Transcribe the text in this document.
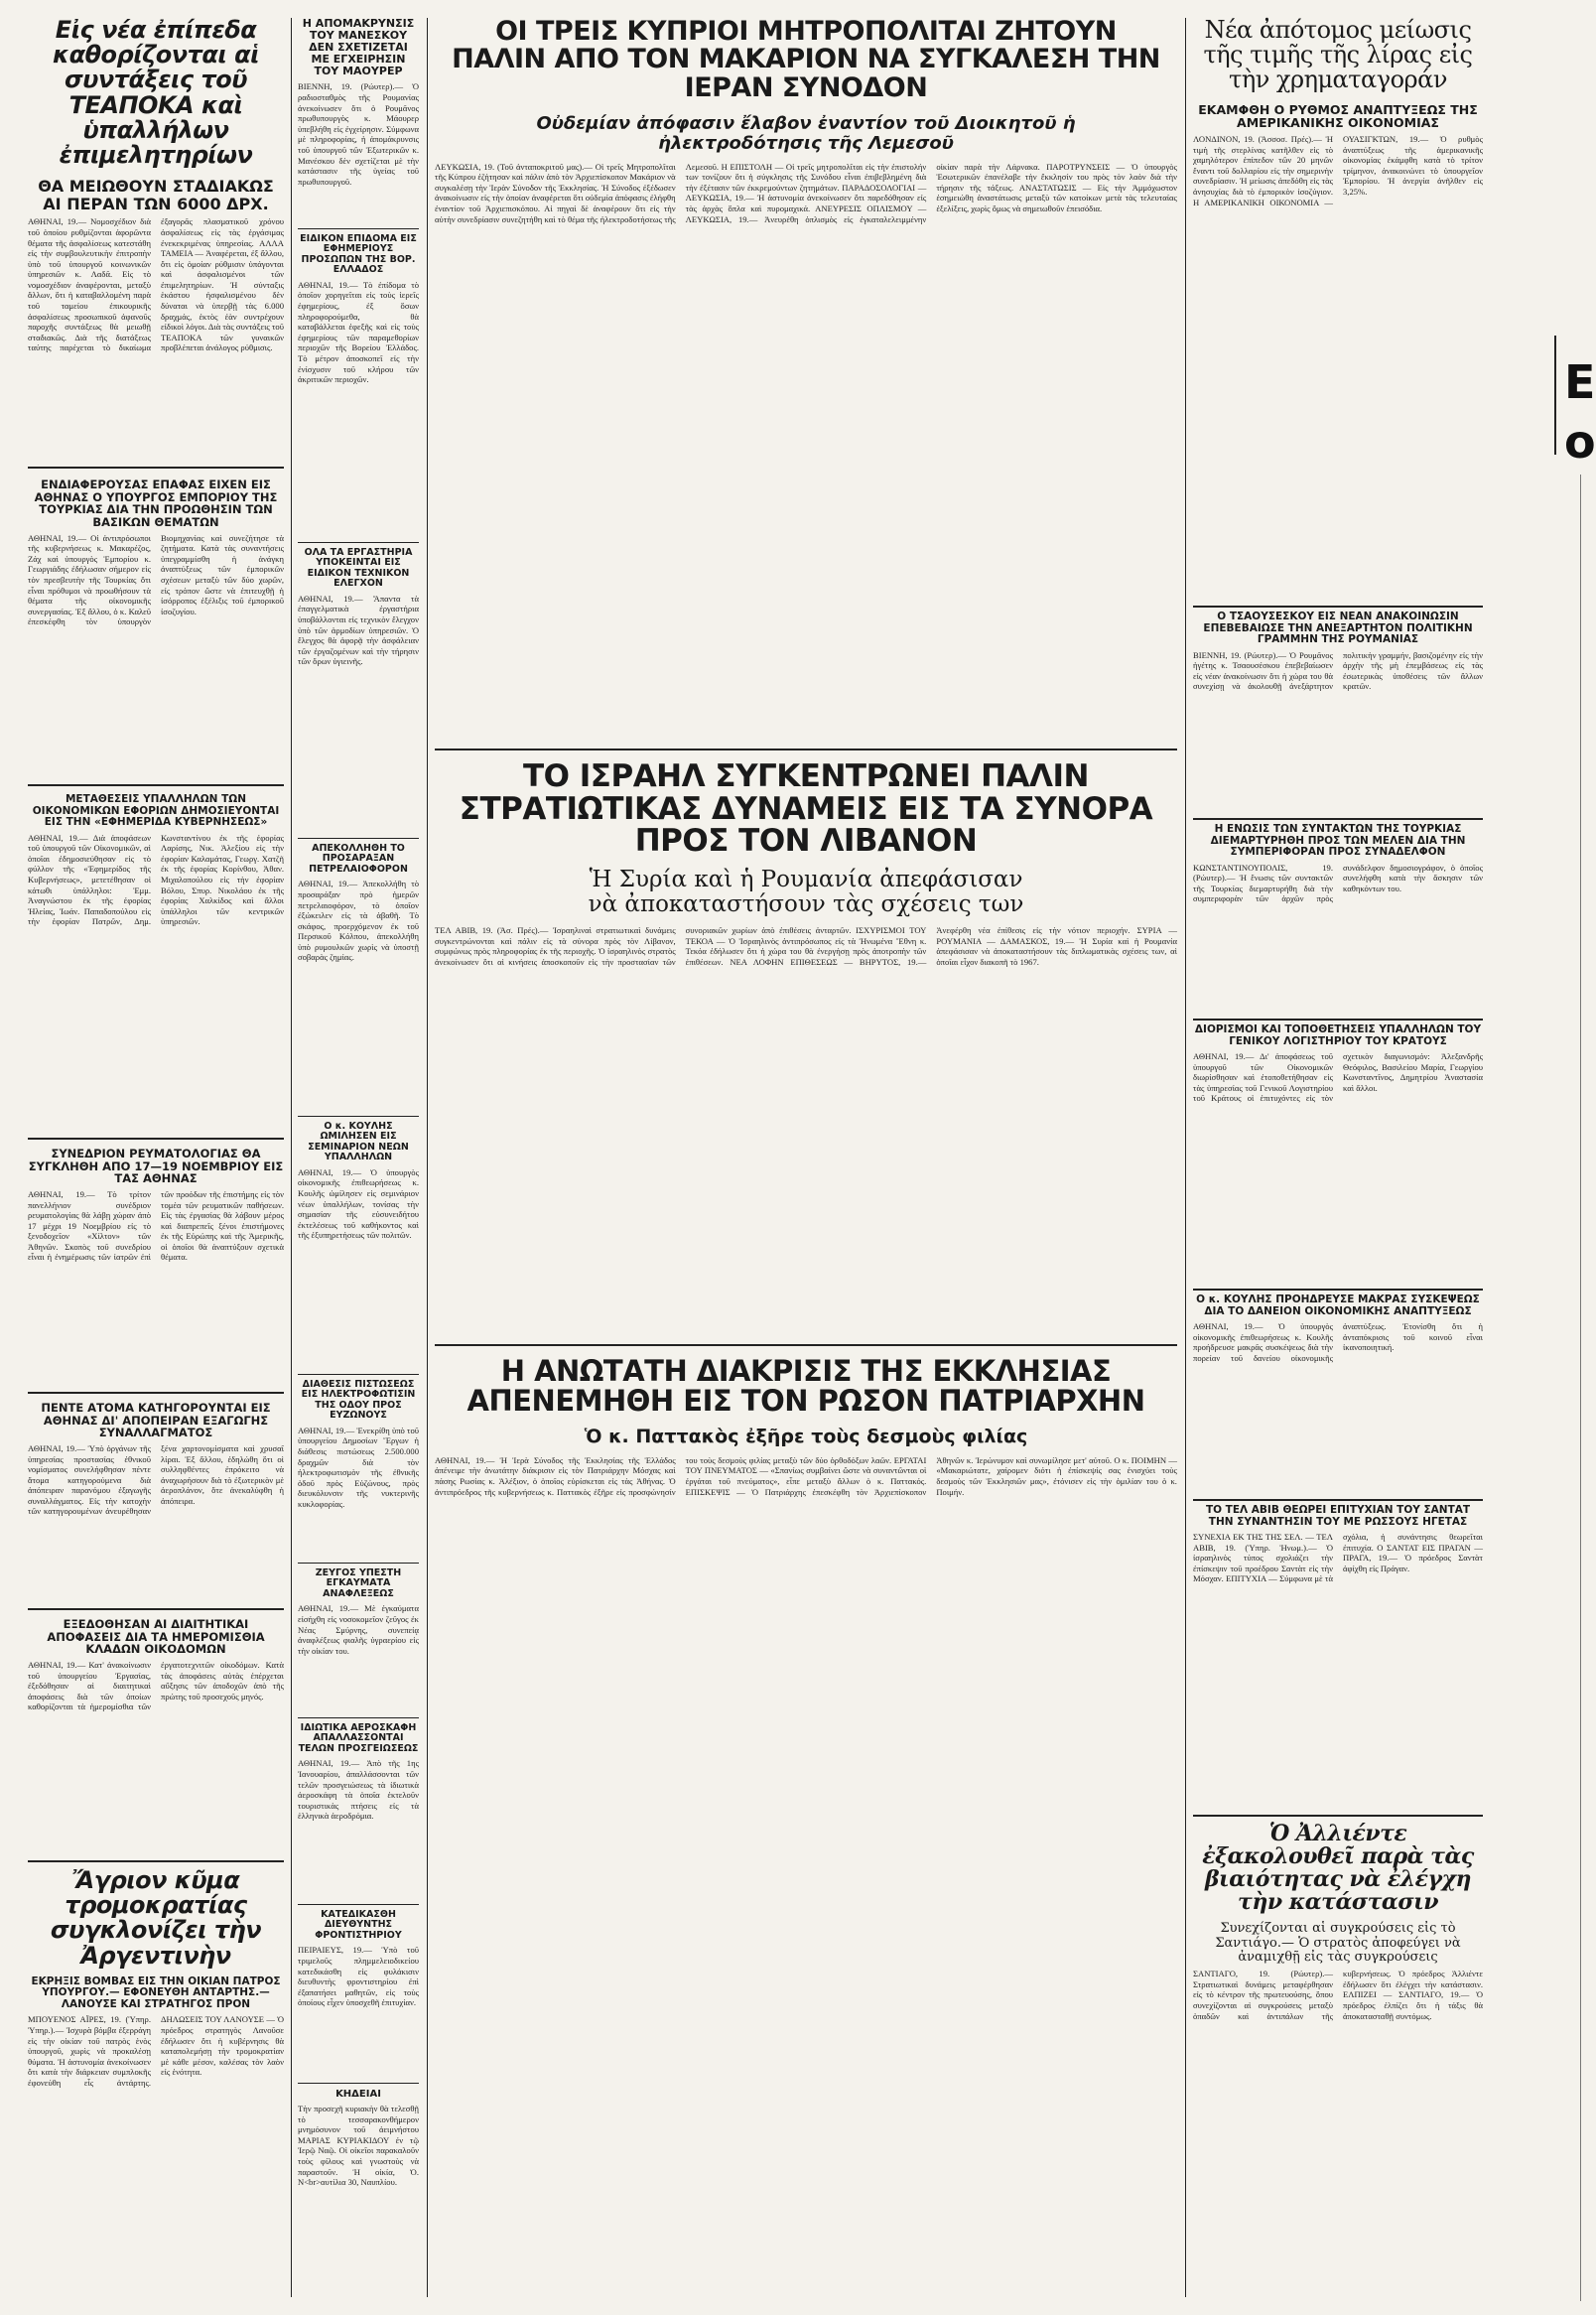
Εἰς νέα ἐπίπεδα καθορίζονται αἱ συντάξεις τοῦ ΤΕΑΠΟΚΑ καὶ ὑπαλλήλων ἐπιμελητηρίων

ΘΑ ΜΕΙΩΘΟΥΝ ΣΤΑΔΙΑΚΩΣ ΑΙ ΠΕΡΑΝ ΤΩΝ 6000 ΔΡΧ.

ΑΘΗΝΑΙ, 19.— Νομοσχέδιον διὰ τοῦ ὁποίου ρυθμίζονται ἀφορῶντα θέματα τῆς ἀσφαλίσεως κατεστάθη εἰς τὴν συμβουλευτικὴν ἐπιτροπὴν ὑπὸ τοῦ ὑπουργοῦ κοινωνικῶν ὑπηρεσιῶν κ. Λαδᾶ. Εἰς τὸ νομοσχέδιον ἀναφέρονται, μεταξὺ ἄλλων, ὅτι ἡ καταβαλλομένη παρὰ τοῦ ταμείου ἐπικουρικῆς ἀσφαλίσεως προσωπικοῦ ἀφανοῦς παροχῆς συντάξεως θὰ μειωθῇ σταδιακῶς. Διὰ τῆς διατάξεως ταύτης παρέχεται τὸ δικαίωμα ἐξαγορᾶς πλασματικοῦ χρόνου ἀσφαλίσεως εἰς τὰς ἐργάσιμας ἐνεκεκριμένας ὑπηρεσίας. ΑΛΛΑ ΤΑΜΕΙΑ — Ἀναφέρεται, ἐξ ἄλλου, ὅτι εἰς ὁμοίαν ρύθμισιν ὑπάγονται καὶ ἀσφαλισμένοι τῶν ἐπιμελητηρίων. Ἡ σύνταξις ἑκάστου ἠσφαλισμένου δὲν δύναται νὰ ὑπερβῇ τὰς 6.000 δραχμάς, ἐκτὸς ἐὰν συντρέχουν εἰδικοὶ λόγοι. Διὰ τὰς συντάξεις τοῦ ΤΕΑΠΟΚΑ τῶν γυναικῶν προβλέπεται ἀνάλογος ρύθμισις.

ΕΝΔΙΑΦΕΡΟΥΣΑΣ ΕΠΑΦΑΣ ΕΙΧΕΝ ΕΙΣ ΑΘΗΝΑΣ Ο ΥΠΟΥΡΓΟΣ ΕΜΠΟΡΙΟΥ ΤΗΣ ΤΟΥΡΚΙΑΣ ΔΙΑ ΤΗΝ ΠΡΟΩΘΗΣΙΝ ΤΩΝ ΒΑΣΙΚΩΝ ΘΕΜΑΤΩΝ

ΑΘΗΝΑΙ, 19.— Οἱ ἀντιπρόσωποι τῆς κυβερνήσεως κ. Μακαρέζος, Ζάχ καὶ ὑπουργὸς Ἐμπορίου κ. Γεωργιάδης ἐδήλωσαν σήμερον εἰς τὸν πρεσβευτὴν τῆς Τουρκίας ὅτι εἶναι πρόθυμοι νὰ προωθήσουν τὰ θέματα τῆς οἰκονομικῆς συνεργασίας. Ἐξ ἄλλου, ὁ κ. Καλεῦ ἐπεσκέφθη τὸν ὑπουργὸν Βιομηχανίας καὶ συνεζήτησε τὰ ζητήματα. Κατὰ τὰς συναντήσεις ὑπεγραμμίσθη ἡ ἀνάγκη ἀναπτύξεως τῶν ἐμπορικῶν σχέσεων μεταξὺ τῶν δύο χωρῶν, εἰς τρόπον ὥστε νὰ ἐπιτευχθῇ ἡ ἰσόρροπος ἐξέλιξις τοῦ ἐμπορικοῦ ἰσοζυγίου.

ΜΕΤΑΘΕΣΕΙΣ ΥΠΑΛΛΗΛΩΝ ΤΩΝ ΟΙΚΟΝΟΜΙΚΩΝ ΕΦΟΡΙΩΝ ΔΗΜΟΣΙΕΥΟΝΤΑΙ ΕΙΣ ΤΗΝ «ΕΦΗΜΕΡΙΔΑ ΚΥΒΕΡΝΗΣΕΩΣ»

ΑΘΗΝΑΙ, 19.— Διὰ ἀποφάσεων τοῦ ὑπουργοῦ τῶν Οἰκονομικῶν, αἱ ὁποῖαι ἐδημοσιεύθησαν εἰς τὸ φύλλον τῆς «Ἐφημερίδος τῆς Κυβερνήσεως», μετετέθησαν οἱ κάτωθι ὑπάλληλοι: Ἐμμ. Ἀναγνώστου ἐκ τῆς ἐφορίας Ἡλείας, Ἰωάν. Παπαδοπούλου εἰς τὴν ἐφορίαν Πατρῶν, Δημ. Κωνσταντίνου ἐκ τῆς ἐφορίας Λαρίσης, Νικ. Ἀλεξίου εἰς τὴν ἐφορίαν Καλαμάτας, Γεωργ. Χατζῆ ἐκ τῆς ἐφορίας Κορίνθου, Ἀθαν. Μιχαλοπούλου εἰς τὴν ἐφορίαν Βόλου, Σπυρ. Νικολάου ἐκ τῆς ἐφορίας Χαλκίδος καὶ ἄλλοι ὑπάλληλοι τῶν κεντρικῶν ὑπηρεσιῶν.

ΣΥΝΕΔΡΙΟΝ ΡΕΥΜΑΤΟΛΟΓΙΑΣ ΘΑ ΣΥΓΚΛΗΘΗ ΑΠΟ 17—19 ΝΟΕΜΒΡΙΟΥ ΕΙΣ ΤΑΣ ΑΘΗΝΑΣ

ΑΘΗΝΑΙ, 19.— Τὸ τρίτον πανελλήνιον συνέδριον ρευματολογίας θὰ λάβῃ χώραν ἀπὸ 17 μέχρι 19 Νοεμβρίου εἰς τὸ ξενοδοχεῖον «Χίλτον» τῶν Ἀθηνῶν. Σκοπὸς τοῦ συνεδρίου εἶναι ἡ ἐνημέρωσις τῶν ἰατρῶν ἐπὶ τῶν προόδων τῆς ἐπιστήμης εἰς τὸν τομέα τῶν ρευματικῶν παθήσεων. Εἰς τὰς ἐργασίας θὰ λάβουν μέρος καὶ διαπρεπεῖς ξένοι ἐπιστήμονες ἐκ τῆς Εὐρώπης καὶ τῆς Ἀμερικῆς, οἱ ὁποῖοι θὰ ἀναπτύξουν σχετικὰ θέματα.

ΠΕΝΤΕ ΑΤΟΜΑ ΚΑΤΗΓΟΡΟΥΝΤΑΙ ΕΙΣ ΑΘΗΝΑΣ ΔΙ' ΑΠΟΠΕΙΡΑΝ ΕΞΑΓΩΓΗΣ ΣΥΝΑΛΛΑΓΜΑΤΟΣ

ΑΘΗΝΑΙ, 19.— Ὑπὸ ὀργάνων τῆς ὑπηρεσίας προστασίας ἐθνικοῦ νομίσματος συνελήφθησαν πέντε ἄτομα κατηγορούμενα διὰ ἀπόπειραν παρανόμου ἐξαγωγῆς συναλλάγματος. Εἰς τὴν κατοχὴν τῶν κατηγορουμένων ἀνευρέθησαν ξένα χαρτονομίσματα καὶ χρυσαῖ λίραι. Ἐξ ἄλλου, ἐδηλώθη ὅτι οἱ συλληφθέντες ἐπρόκειτο νὰ ἀναχωρήσουν διὰ τὸ ἐξωτερικὸν μὲ ἀεροπλάνον, ὅτε ἀνεκαλύφθη ἡ ἀπόπειρα.

ΕΞΕΔΟΘΗΣΑΝ ΑΙ ΔΙΑΙΤΗΤΙΚΑΙ ΑΠΟΦΑΣΕΙΣ ΔΙΑ ΤΑ ΗΜΕΡΟΜΙΣΘΙΑ ΚΛΑΔΩΝ ΟΙΚΟΔΟΜΩΝ

ΑΘΗΝΑΙ, 19.— Κατ' ἀνακοίνωσιν τοῦ ὑπουργείου Ἐργασίας, ἐξεδόθησαν αἱ διαιτητικαὶ ἀποφάσεις διὰ τῶν ὁποίων καθορίζονται τὰ ἡμερομίσθια τῶν ἐργατοτεχνιτῶν οἰκοδόμων. Κατὰ τὰς ἀποφάσεις αὐτὰς ἐπέρχεται αὔξησις τῶν ἀποδοχῶν ἀπὸ τῆς πρώτης τοῦ προσεχοῦς μηνός.

Ἄγριον κῦμα τρομοκρατίας συγκλονίζει τὴν Ἀργεντινὴν

ΕΚΡΗΞΙΣ ΒΟΜΒΑΣ ΕΙΣ ΤΗΝ ΟΙΚΙΑΝ ΠΑΤΡΟΣ ΥΠΟΥΡΓΟΥ.— ΕΦΟΝΕΥΘΗ ΑΝΤΑΡΤΗΣ.— ΛΑΝΟΥΣΕ ΚΑΙ ΣΤΡΑΤΗΓΟΣ ΠΡΟΝ

ΜΠΟΥΕΝΟΣ ΑΪΡΕΣ, 19. (Ὑπηρ. Ὑπηρ.).— Ἰσχυρὰ βόμβα ἐξερράγη εἰς τὴν οἰκίαν τοῦ πατρὸς ἑνὸς ὑπουργοῦ, χωρὶς νὰ προκαλέσῃ θύματα. Ἡ ἀστυνομία ἀνεκοίνωσεν ὅτι κατὰ τὴν διάρκειαν συμπλοκῆς ἐφονεύθη εἷς ἀντάρτης. ΔΗΛΩΣΕΙΣ ΤΟΥ ΛΑΝΟΥΣΕ — Ὁ πρόεδρος στρατηγὸς Λανοῦσε ἐδήλωσεν ὅτι ἡ κυβέρνησις θὰ καταπολεμήσῃ τὴν τρομοκρατίαν μὲ κάθε μέσον, καλέσας τὸν λαὸν εἰς ἑνότητα.

Η ΑΠΟΜΑΚΡΥΝΣΙΣ ΤΟΥ ΜΑΝΕΣΚΟΥ ΔΕΝ ΣΧΕΤΙΖΕΤΑΙ ΜΕ ΕΓΧΕΙΡΗΣΙΝ ΤΟΥ ΜΑΟΥΡΕΡ

ΒΙΕΝΝΗ, 19. (Ρώυτερ).— Ὁ ραδιοσταθμὸς τῆς Ρουμανίας ἀνεκοίνωσεν ὅτι ὁ Ρουμᾶνος πρωθυπουργὸς κ. Μάουρερ ὑπεβλήθη εἰς ἐγχείρησιν. Σύμφωνα μὲ πληροφορίας, ἡ ἀπομάκρυνσις τοῦ ὑπουργοῦ τῶν Ἐξωτερικῶν κ. Μανέσκου δὲν σχετίζεται μὲ τὴν κατάστασιν τῆς ὑγείας τοῦ πρωθυπουργοῦ.

ΕΙΔΙΚΟΝ ΕΠΙΔΟΜΑ ΕΙΣ ΕΦΗΜΕΡΙΟΥΣ ΠΡΟΣΩΠΩΝ ΤΗΣ ΒΟΡ. ΕΛΛΑΔΟΣ

ΑΘΗΝΑΙ, 19.— Τὸ ἐπίδομα τὸ ὁποῖον χορηγεῖται εἰς τοὺς ἱερεῖς ἐφημερίους, ἐξ ὅσων πληροφορούμεθα, θὰ καταβάλλεται ἐφεξῆς καὶ εἰς τοὺς ἐφημερίους τῶν παραμεθορίων περιοχῶν τῆς Βορείου Ἑλλάδος. Τὸ μέτρον ἀποσκοπεῖ εἰς τὴν ἐνίσχυσιν τοῦ κλήρου τῶν ἀκριτικῶν περιοχῶν.

ΟΛΑ ΤΑ ΕΡΓΑΣΤΗΡΙΑ ΥΠΟΚΕΙΝΤΑΙ ΕΙΣ ΕΙΔΙΚΟΝ ΤΕΧΝΙΚΟΝ ΕΛΕΓΧΟΝ

ΑΘΗΝΑΙ, 19.— Ἅπαντα τὰ ἐπαγγελματικὰ ἐργαστήρια ὑποβάλλονται εἰς τεχνικὸν ἔλεγχον ὑπὸ τῶν ἁρμοδίων ὑπηρεσιῶν. Ὁ ἔλεγχος θὰ ἀφορᾷ τὴν ἀσφάλειαν τῶν ἐργαζομένων καὶ τὴν τήρησιν τῶν ὅρων ὑγιεινῆς.

ΑΠΕΚΟΛΛΗΘΗ ΤΟ ΠΡΟΣΑΡΑΞΑΝ ΠΕΤΡΕΛΑΙΟΦΟΡΟΝ

ΑΘΗΝΑΙ, 19.— Ἀπεκολλήθη τὸ προσαράξαν πρὸ ἡμερῶν πετρελαιοφόρον, τὸ ὁποῖον ἐξώκειλεν εἰς τὰ ἀβαθῆ. Τὸ σκάφος, προερχόμενον ἐκ τοῦ Περσικοῦ Κόλπου, ἀπεκολλήθη ὑπὸ ρυμουλκῶν χωρὶς νὰ ὑποστῇ σοβαρὰς ζημίας.

Ο κ. ΚΟΥΛΗΣ ΩΜΙΛΗΣΕΝ ΕΙΣ ΣΕΜΙΝΑΡΙΟΝ ΝΕΩΝ ΥΠΑΛΛΗΛΩΝ

ΑΘΗΝΑΙ, 19.— Ὁ ὑπουργὸς οἰκονομικῆς ἐπιθεωρήσεως κ. Κουλῆς ὡμίλησεν εἰς σεμινάριον νέων ὑπαλλήλων, τονίσας τὴν σημασίαν τῆς εὐσυνειδήτου ἐκτελέσεως τοῦ καθήκοντος καὶ τῆς ἐξυπηρετήσεως τῶν πολιτῶν.

ΔΙΑΘΕΣΙΣ ΠΙΣΤΩΣΕΩΣ ΕΙΣ ΗΛΕΚΤΡΟΦΩΤΙΣΙΝ ΤΗΣ ΟΔΟΥ ΠΡΟΣ ΕΥΖΩΝΟΥΣ

ΑΘΗΝΑΙ, 19.— Ἐνεκρίθη ὑπὸ τοῦ ὑπουργείου Δημοσίων Ἔργων ἡ διάθεσις πιστώσεως 2.500.000 δραχμῶν διὰ τὸν ἠλεκτροφωτισμὸν τῆς ἐθνικῆς ὁδοῦ πρὸς Εὐζώνους, πρὸς διευκόλυνσιν τῆς νυκτερινῆς κυκλοφορίας.

ΖΕΥΓΟΣ ΥΠΕΣΤΗ ΕΓΚΑΥΜΑΤΑ ΑΝΑΦΛΕΞΕΩΣ

ΑΘΗΝΑΙ, 19.— Μὲ ἐγκαύματα εἰσήχθη εἰς νοσοκομεῖον ζεῦγος ἐκ Νέας Σμύρνης, συνεπείᾳ ἀναφλέξεως φιαλῆς ὑγραερίου εἰς τὴν οἰκίαν του.

ΙΔΙΩΤΙΚΑ ΑΕΡΟΣΚΑΦΗ ΑΠΑΛΛΑΣΣΟΝΤΑΙ ΤΕΛΩΝ ΠΡΟΣΓΕΙΩΣΕΩΣ

ΑΘΗΝΑΙ, 19.— Ἀπὸ τῆς 1ης Ἰανουαρίου, ἀπαλλάσσονται τῶν τελῶν προσγειώσεως τὰ ἰδιωτικὰ ἀεροσκάφη τὰ ὁποῖα ἐκτελοῦν τουριστικὰς πτήσεις εἰς τὰ ἑλληνικὰ ἀεροδρόμια.

ΚΑΤΕΔΙΚΑΣΘΗ ΔΙΕΥΘΥΝΤΗΣ ΦΡΟΝΤΙΣΤΗΡΙΟΥ

ΠΕΙΡΑΙΕΥΣ, 19.— Ὑπὸ τοῦ τριμελοῦς πλημμελειοδικείου κατεδικάσθη εἰς φυλάκισιν διευθυντὴς φροντιστηρίου ἐπὶ ἐξαπατήσει μαθητῶν, εἰς τοὺς ὁποίους εἶχεν ὑποσχεθῆ ἐπιτυχίαν.

ΚΗΔΕΙΑΙ

Τὴν προσεχῆ κυριακὴν θὰ τελεσθῇ τὸ τεσσαρακονθήμερον μνημόσυνον τοῦ ἀειμνήστου ΜΑΡΙΑΣ ΚΥΡΙΑΚΙΔΟΥ ἐν τῷ Ἱερῷ Ναῷ. Οἱ οἰκεῖοι παρακαλοῦν τοὺς φίλους καὶ γνωστοὺς νὰ παραστοῦν. Ἡ οἰκία, Ὁ. Ν<br>αυτίλια 30, Ναυπλίου.

ΟΙ ΤΡΕΙΣ ΚΥΠΡΙΟΙ ΜΗΤΡΟΠΟΛΙΤΑΙ ΖΗΤΟΥΝ ΠΑΛΙΝ ΑΠΟ ΤΟΝ ΜΑΚΑΡΙΟΝ ΝΑ ΣΥΓΚΑΛΕΣΗ ΤΗΝ ΙΕΡΑΝ ΣΥΝΟΔΟΝ

Οὐδεμίαν ἀπόφασιν ἔλαβον ἐναντίον τοῦ Διοικητοῦ ἡ ἠλεκτροδότησις τῆς Λεμεσοῦ

ΛΕΥΚΩΣΙΑ, 19. (Τοῦ ἀνταποκριτοῦ μας).— Οἱ τρεῖς Μητροπολῖται τῆς Κύπρου ἐζήτησαν καὶ πάλιν ἀπὸ τὸν Ἀρχιεπίσκοπον Μακάριον νὰ συγκαλέσῃ τὴν Ἱερὰν Σύνοδον τῆς Ἐκκλησίας. Ἡ Σύνοδος ἐξέδωσεν ἀνακοίνωσιν εἰς τὴν ὁποίαν ἀναφέρεται ὅτι οὐδεμία ἀπόφασις ἐλήφθη ἐναντίον τοῦ Ἀρχιεπισκόπου. Αἱ πηγαὶ δὲ ἀναφέρουν ὅτι εἰς τὴν αὐτὴν συνεδρίασιν συνεζητήθη καὶ τὸ θέμα τῆς ἠλεκτροδοτήσεως τῆς Λεμεσοῦ. Η ΕΠΙΣΤΟΛΗ — Οἱ τρεῖς μητροπολῖται εἰς τὴν ἐπιστολήν των τονίζουν ὅτι ἡ σύγκλησις τῆς Συνόδου εἶναι ἐπιβεβλημένη διὰ τὴν ἐξέτασιν τῶν ἐκκρεμούντων ζητημάτων. ΠΑΡΑΔΟΣΟΛΟΓΙΑΙ — ΛΕΥΚΩΣΙΑ, 19.— Ἡ ἀστυνομία ἀνεκοίνωσεν ὅτι παρεδόθησαν εἰς τὰς ἀρχὰς ὅπλα καὶ πυρομαχικά. ΑΝΕΥΡΕΣΙΣ ΟΠΛΙΣΜΟΥ — ΛΕΥΚΩΣΙΑ, 19.— Ἀνευρέθη ὁπλισμὸς εἰς ἐγκαταλελειμμένην οἰκίαν παρὰ τὴν Λάρνακα. ΠΑΡΟΤΡΥΝΣΕΙΣ — Ὁ ὑπουργὸς Ἐσωτερικῶν ἐπανέλαβε τὴν ἔκκλησίν του πρὸς τὸν λαὸν διὰ τὴν τήρησιν τῆς τάξεως. ΑΝΑΣΤΑΤΩΣΙΣ — Εἰς τὴν Ἀμμόχωστον ἐσημειώθη ἀναστάτωσις μεταξὺ τῶν κατοίκων μετὰ τὰς τελευταίας ἐξελίξεις, χωρὶς ὅμως νὰ σημειωθοῦν ἐπεισόδια.

ΤΟ ΙΣΡΑΗΛ ΣΥΓΚΕΝΤΡΩΝΕΙ ΠΑΛΙΝ ΣΤΡΑΤΙΩΤΙΚΑΣ ΔΥΝΑΜΕΙΣ ΕΙΣ ΤΑ ΣΥΝΟΡΑ ΠΡΟΣ ΤΟΝ ΛΙΒΑΝΟΝ

Ἡ Συρία καὶ ἡ Ρουμανία ἀπεφάσισαν νὰ ἀποκαταστήσουν τὰς σχέσεις των

ΤΕΛ ΑΒΙΒ, 19. (Ἀσ. Πρές).— Ἰσραηλιναὶ στρατιωτικαὶ δυνάμεις συγκεντρώνονται καὶ πάλιν εἰς τὰ σύνορα πρὸς τὸν Λίβανον, συμφώνως πρὸς πληροφορίας ἐκ τῆς περιοχῆς. Ὁ ἰσραηλινὸς στρατὸς ἀνεκοίνωσεν ὅτι αἱ κινήσεις ἀποσκοποῦν εἰς τὴν προστασίαν τῶν συνοριακῶν χωρίων ἀπὸ ἐπιθέσεις ἀνταρτῶν. ΙΣΧΥΡΙΣΜΟΙ ΤΟΥ ΤΕΚΟΑ — Ὁ Ἰσραηλινὸς ἀντιπρόσωπος εἰς τὰ Ἡνωμένα Ἔθνη κ. Τεκόα ἐδήλωσεν ὅτι ἡ χώρα του θὰ ἐνεργήσῃ πρὸς ἀποτροπὴν τῶν ἐπιθέσεων. ΝΕΑ ΛΟΦΗΝ ΕΠΙΘΕΣΕΩΣ — ΒΗΡΥΤΟΣ, 19.— Ἀνεφέρθη νέα ἐπίθεσις εἰς τὴν νότιον περιοχήν. ΣΥΡΙΑ — ΡΟΥΜΑΝΙΑ — ΔΑΜΑΣΚΟΣ, 19.— Ἡ Συρία καὶ ἡ Ρουμανία ἀπεφάσισαν νὰ ἀποκαταστήσουν τὰς διπλωματικὰς σχέσεις των, αἱ ὁποῖαι εἶχον διακοπῆ τὸ 1967.

Η ΑΝΩΤΑΤΗ ΔΙΑΚΡΙΣΙΣ ΤΗΣ ΕΚΚΛΗΣΙΑΣ ΑΠΕΝΕΜΗΘΗ ΕΙΣ ΤΟΝ ΡΩΣΟΝ ΠΑΤΡΙΑΡΧΗΝ

Ὁ κ. Παττακὸς ἐξῆρε τοὺς δεσμοὺς φιλίας

ΑΘΗΝΑΙ, 19.— Ἡ Ἱερὰ Σύνοδος τῆς Ἐκκλησίας τῆς Ἑλλάδος ἀπένειμε τὴν ἀνωτάτην διάκρισιν εἰς τὸν Πατριάρχην Μόσχας καὶ πάσης Ρωσίας κ. Ἀλέξιον, ὁ ὁποῖος εὑρίσκεται εἰς τὰς Ἀθήνας. Ὁ ἀντιπρόεδρος τῆς κυβερνήσεως κ. Παττακὸς ἐξῆρε εἰς προσφώνησίν του τοὺς δεσμοὺς φιλίας μεταξὺ τῶν δύο ὀρθοδόξων λαῶν. ΕΡΓΑΤΑΙ ΤΟΥ ΠΝΕΥΜΑΤΟΣ — «Σπανίως συμβαίνει ὥστε νὰ συναντῶνται οἱ ἐργάται τοῦ πνεύματος», εἶπε μεταξὺ ἄλλων ὁ κ. Παττακός. ΕΠΙΣΚΕΨΙΣ — Ὁ Πατριάρχης ἐπεσκέφθη τὸν Ἀρχιεπίσκοπον Ἀθηνῶν κ. Ἱερώνυμον καὶ συνωμίλησε μετ' αὐτοῦ. Ο κ. ΠΟΙΜΗΝ — «Μακαριώτατε, χαίρομεν διότι ἡ ἐπίσκεψίς σας ἐνισχύει τοὺς δεσμοὺς τῶν Ἐκκλησιῶν μας», ἐτόνισεν εἰς τὴν ὁμιλίαν του ὁ κ. Ποιμήν.

Νέα ἀπότομος μείωσις τῆς τιμῆς τῆς λίρας εἰς τὴν χρηματαγοράν

ΕΚΑΜΦΘΗ Ο ΡΥΘΜΟΣ ΑΝΑΠΤΥΞΕΩΣ ΤΗΣ ΑΜΕΡΙΚΑΝΙΚΗΣ ΟΙΚΟΝΟΜΙΑΣ

ΛΟΝΔΙΝΟΝ, 19. (Ἀσσοσ. Πρές).— Ἡ τιμὴ τῆς στερλίνας κατῆλθεν εἰς τὸ χαμηλότερον ἐπίπεδον τῶν 20 μηνῶν ἔναντι τοῦ δολλαρίου εἰς τὴν σημερινὴν συνεδρίασιν. Ἡ μείωσις ἀπεδόθη εἰς τὰς ἀνησυχίας διὰ τὸ ἐμπορικὸν ἰσοζύγιον. Η ΑΜΕΡΙΚΑΝΙΚΗ ΟΙΚΟΝΟΜΙΑ — ΟΥΑΣΙΓΚΤΩΝ, 19.— Ὁ ρυθμὸς ἀναπτύξεως τῆς ἀμερικανικῆς οἰκονομίας ἐκάμφθη κατὰ τὸ τρίτον τρίμηνον, ἀνακοινώνει τὸ ὑπουργεῖον Ἐμπορίου. Ἡ ἀνεργία ἀνῆλθεν εἰς 3,25%.

Ο ΤΣΑΟΥΣΕΣΚΟΥ ΕΙΣ ΝΕΑΝ ΑΝΑΚΟΙΝΩΣΙΝ ΕΠΕΒΕΒΑΙΩΣΕ ΤΗΝ ΑΝΕΞΑΡΤΗΤΟΝ ΠΟΛΙΤΙΚΗΝ ΓΡΑΜΜΗΝ ΤΗΣ ΡΟΥΜΑΝΙΑΣ

ΒΙΕΝΝΗ, 19. (Ρώυτερ).— Ὁ Ρουμᾶνος ἡγέτης κ. Τσαουσέσκου ἐπεβεβαίωσεν εἰς νέαν ἀνακοίνωσιν ὅτι ἡ χώρα του θὰ συνεχίσῃ νὰ ἀκολουθῇ ἀνεξάρτητον πολιτικὴν γραμμήν, βασιζομένην εἰς τὴν ἀρχὴν τῆς μὴ ἐπεμβάσεως εἰς τὰς ἐσωτερικὰς ὑποθέσεις τῶν ἄλλων κρατῶν.

Η ΕΝΩΣΙΣ ΤΩΝ ΣΥΝΤΑΚΤΩΝ ΤΗΣ ΤΟΥΡΚΙΑΣ ΔΙΕΜΑΡΤΥΡΗΘΗ ΠΡΟΣ ΤΩΝ ΜΕΛΕΝ ΔΙΑ ΤΗΝ ΣΥΜΠΕΡΙΦΟΡΑΝ ΠΡΟΣ ΣΥΝΑΔΕΛΦΟΝ

ΚΩΝΣΤΑΝΤΙΝΟΥΠΟΛΙΣ, 19. (Ρώυτερ).— Ἡ ἕνωσις τῶν συντακτῶν τῆς Τουρκίας διεμαρτυρήθη διὰ τὴν συμπεριφορὰν τῶν ἀρχῶν πρὸς συνάδελφον δημοσιογράφον, ὁ ὁποῖος συνελήφθη κατὰ τὴν ἄσκησιν τῶν καθηκόντων του.

ΔΙΟΡΙΣΜΟΙ ΚΑΙ ΤΟΠΟΘΕΤΗΣΕΙΣ ΥΠΑΛΛΗΛΩΝ ΤΟΥ ΓΕΝΙΚΟΥ ΛΟΓΙΣΤΗΡΙΟΥ ΤΟΥ ΚΡΑΤΟΥΣ

ΑΘΗΝΑΙ, 19.— Δι' ἀποφάσεως τοῦ ὑπουργοῦ τῶν Οἰκονομικῶν διωρίσθησαν καὶ ἐτοποθετήθησαν εἰς τὰς ὑπηρεσίας τοῦ Γενικοῦ Λογιστηρίου τοῦ Κράτους οἱ ἐπιτυχόντες εἰς τὸν σχετικὸν διαγωνισμόν: Ἀλεξανδρῆς Θεόφιλος, Βασιλείου Μαρία, Γεωργίου Κωνσταντῖνος, Δημητρίου Ἀναστασία καὶ ἄλλοι.

Ο κ. ΚΟΥΛΗΣ ΠΡΟΗΔΡΕΥΣΕ ΜΑΚΡΑΣ ΣΥΣΚΕΨΕΩΣ ΔΙΑ ΤΟ ΔΑΝΕΙΟΝ ΟΙΚΟΝΟΜΙΚΗΣ ΑΝΑΠΤΥΞΕΩΣ

ΑΘΗΝΑΙ, 19.— Ὁ ὑπουργὸς οἰκονομικῆς ἐπιθεωρήσεως κ. Κουλῆς προήδρευσε μακρᾶς συσκέψεως διὰ τὴν πορείαν τοῦ δανείου οἰκονομικῆς ἀναπτύξεως. Ἐτονίσθη ὅτι ἡ ἀνταπόκρισις τοῦ κοινοῦ εἶναι ἰκανοποιητική.

ΤΟ ΤΕΛ ΑΒΙΒ ΘΕΩΡΕΙ ΕΠΙΤΥΧΙΑΝ ΤΟΥ ΣΑΝΤΑΤ ΤΗΝ ΣΥΝΑΝΤΗΣΙΝ ΤΟΥ ΜΕ ΡΩΣΣΟΥΣ ΗΓΕΤΑΣ

ΣΥΝΕΧΙΑ ΕΚ ΤΗΣ ΤΗΣ ΣΕΛ. — ΤΕΛ ΑΒΙΒ, 19. (Ὑπηρ. Ἠνωμ.).— Ὁ ἰσραηλινὸς τύπος σχολιάζει τὴν ἐπίσκεψιν τοῦ προέδρου Σαντὰτ εἰς τὴν Μόσχαν. ΕΠΙΤΥΧΙΑ — Σύμφωνα μὲ τὰ σχόλια, ἡ συνάντησις θεωρεῖται ἐπιτυχία. Ο ΣΑΝΤΑΤ ΕΙΣ ΠΡΑΓΑΝ — ΠΡΑΓΑ, 19.— Ὁ πρόεδρος Σαντὰτ ἀφίχθη εἰς Πράγαν.

Ὁ Ἀλλιέντε ἐξακολουθεῖ παρὰ τὰς βιαιότητας νὰ ἐλέγχη τὴν κατάστασιν

Συνεχίζονται αἱ συγκρούσεις εἰς τὸ Σαντιάγο.— Ὁ στρατὸς ἀποφεύγει νὰ ἀναμιχθῇ εἰς τὰς συγκρούσεις

ΣΑΝΤΙΑΓΟ, 19. (Ρώυτερ).— Στρατιωτικαὶ δυνάμεις μεταφέρθησαν εἰς τὸ κέντρον τῆς πρωτευούσης, ὅπου συνεχίζονται αἱ συγκρούσεις μεταξὺ ὁπαδῶν καὶ ἀντιπάλων τῆς κυβερνήσεως. Ὁ πρόεδρος Ἀλλιέντε ἐδήλωσεν ὅτι ἐλέγχει τὴν κατάστασιν. ΕΛΠΙΖΕΙ — ΣΑΝΤΙΑΓΟ, 19.— Ὁ πρόεδρος ἐλπίζει ὅτι ἡ τάξις θὰ ἀποκατασταθῇ συντόμως.

Ε
ο
